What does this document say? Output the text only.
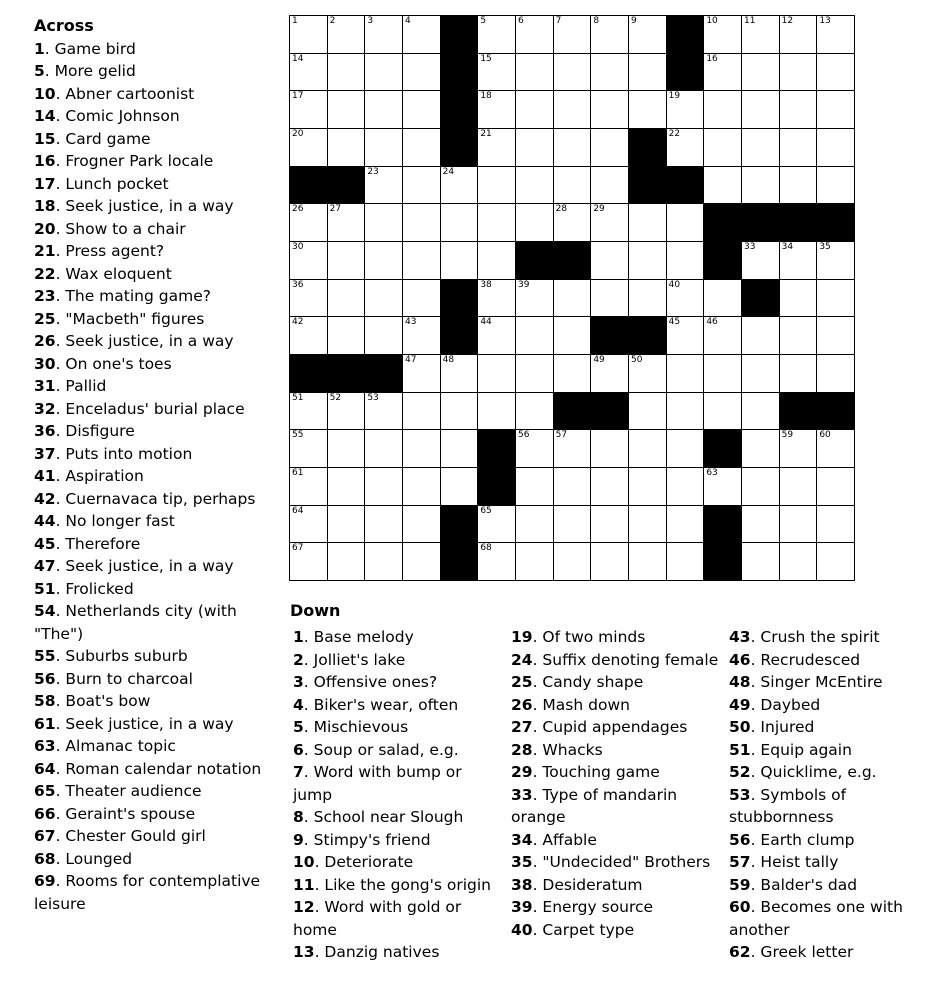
Across
1. Game bird
5. More gelid
10. Abner cartoonist
14. Comic Johnson
15. Card game
16. Frogner Park locale
17. Lunch pocket
18. Seek justice, in a way
20. Show to a chair
21. Press agent?
22. Wax eloquent
23. The mating game?
25. "Macbeth" figures
26. Seek justice, in a way
30. On one's toes
31. Pallid
32. Enceladus' burial place
36. Disfigure
37. Puts into motion
41. Aspiration
42. Cuernavaca tip, perhaps
44. No longer fast
45. Therefore
47. Seek justice, in a way
51. Frolicked
54. Netherlands city (with "The")
55. Suburbs suburb
56. Burn to charcoal
58. Boat's bow
61. Seek justice, in a way
63. Almanac topic
64. Roman calendar notation
65. Theater audience
66. Geraint's spouse
67. Chester Gould girl
68. Lounged
69. Rooms for contemplative leisure
1	2	3	4	5	6	7	8	9	10	11	12	13
14	15	16
17	18	19
20	21	22
23	24	25
26	27	28	29
30	31	32	33	34	35
36	37	38	39	40	41
42	43	44	45	46
47	48	49	50
51	52	53	54
55	56	57	58	59	60
61	62	63
64	65	66
67	68	69
Down
1. Base melody
2. Jolliet's lake
3. Offensive ones?
4. Biker's wear, often
5. Mischievous
6. Soup or salad, e.g.
7. Word with bump or jump
8. School near Slough
9. Stimpy's friend
10. Deteriorate
11. Like the gong's origin
12. Word with gold or home
13. Danzig natives
19. Of two minds
24. Suffix denoting female
25. Candy shape
26. Mash down
27. Cupid appendages
28. Whacks
29. Touching game
33. Type of mandarin orange
34. Affable
35. "Undecided" Brothers
38. Desideratum
39. Energy source
40. Carpet type
43. Crush the spirit
46. Recrudesced
48. Singer McEntire
49. Daybed
50. Injured
51. Equip again
52. Quicklime, e.g.
53. Symbols of stubbornness
56. Earth clump
57. Heist tally
59. Balder's dad
60. Becomes one with another
62. Greek letter
